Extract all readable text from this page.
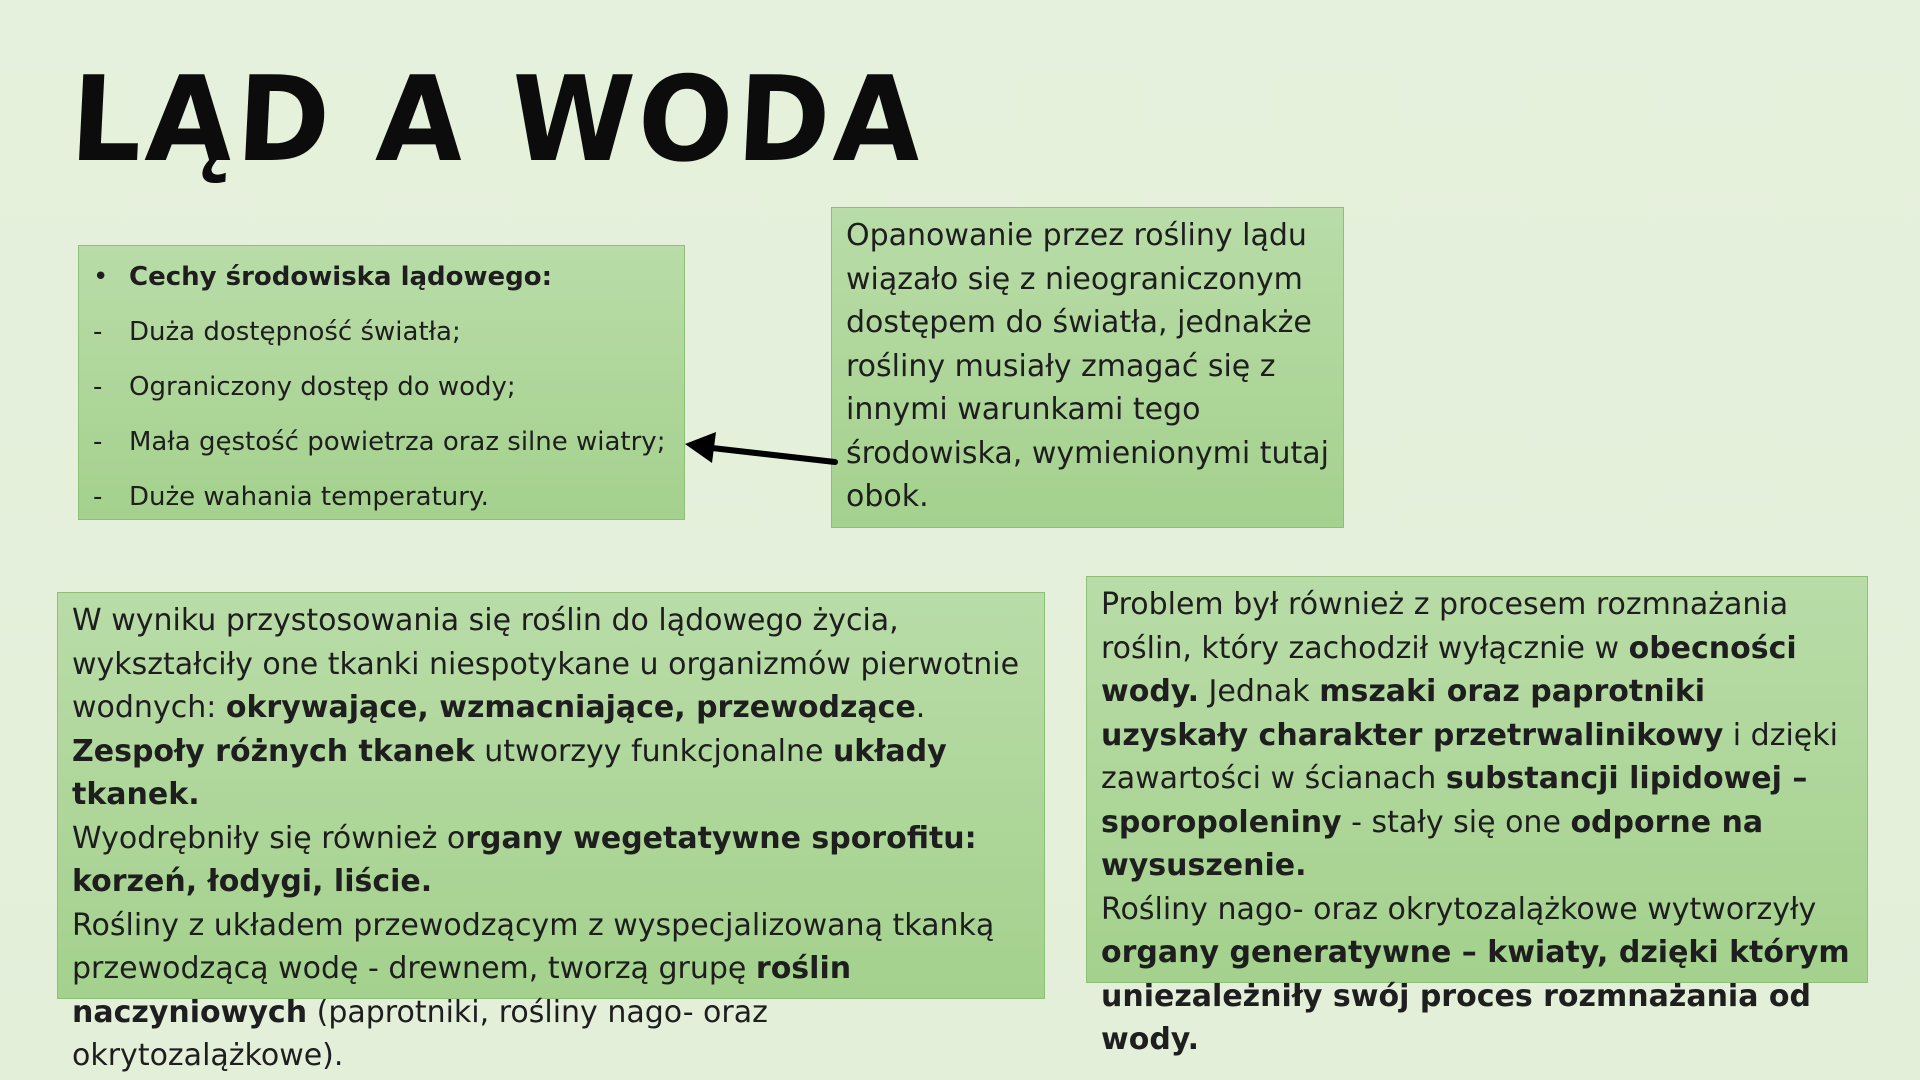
LĄD A WODA
• Cechy środowiska lądowego:
-	Duża dostępność światła;
-	Ograniczony dostęp do wody;
-	Mała gęstość powietrza oraz silne wiatry;
-	Duże wahania temperatury.

Opanowanie przez rośliny lądu wiązało się z nieograniczonym dostępem do światła, jednakże rośliny musiały zmagać się z innymi warunkami tego środowiska, wymienionymi tutaj obok.

W wyniku przystosowania się roślin do lądowego życia, wykształciły one tkanki niespotykane u organizmów pierwotnie wodnych: okrywające, wzmacniające, przewodzące. Zespoły różnych tkanek utworzyy funkcjonalne układy tkanek.
Wyodrębniły się również organy wegetatywne sporofitu: korzeń, łodygi, liście.
Rośliny z układem przewodzącym z wyspecjalizowaną tkanką przewodzącą wodę - drewnem, tworzą grupę roślin naczyniowych (paprotniki, rośliny nago- oraz okrytozalążkowe).

Problem był również z procesem rozmnażania roślin, który zachodził wyłącznie w obecności wody. Jednak mszaki oraz paprotniki uzyskały charakter przetrwalinikowy i dzięki zawartości w ścianach substancji lipidowej – sporopoleniny - stały się one odporne na wysuszenie.
Rośliny nago- oraz okrytozalążkowe wytworzyły organy generatywne – kwiaty, dzięki którym uniezależniły swój proces rozmnażania od wody.
